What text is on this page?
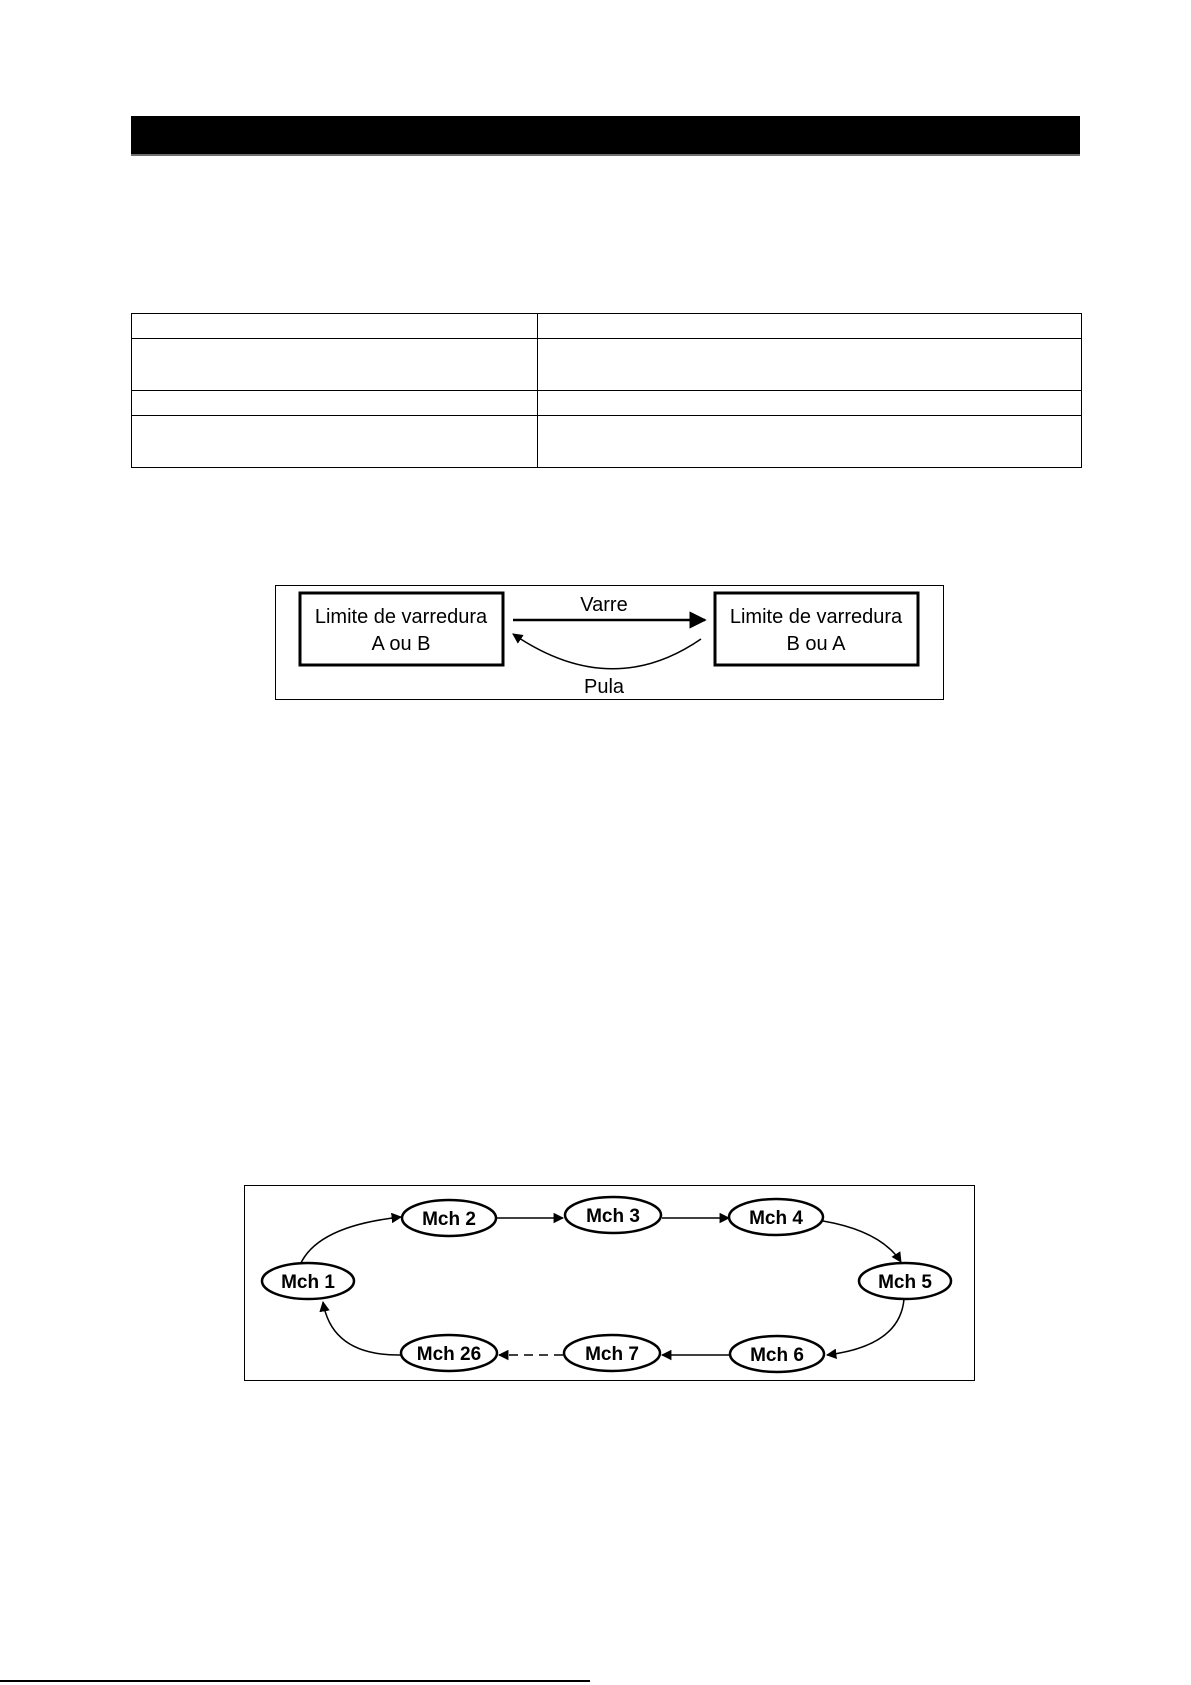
Limite de varredura
A ou B
Limite de varredura
B ou A
Varre
Pula
Mch 1
Mch 2	Mch 3	Mch 4
Mch 5
Mch 6
Mch 7
Mch 26
